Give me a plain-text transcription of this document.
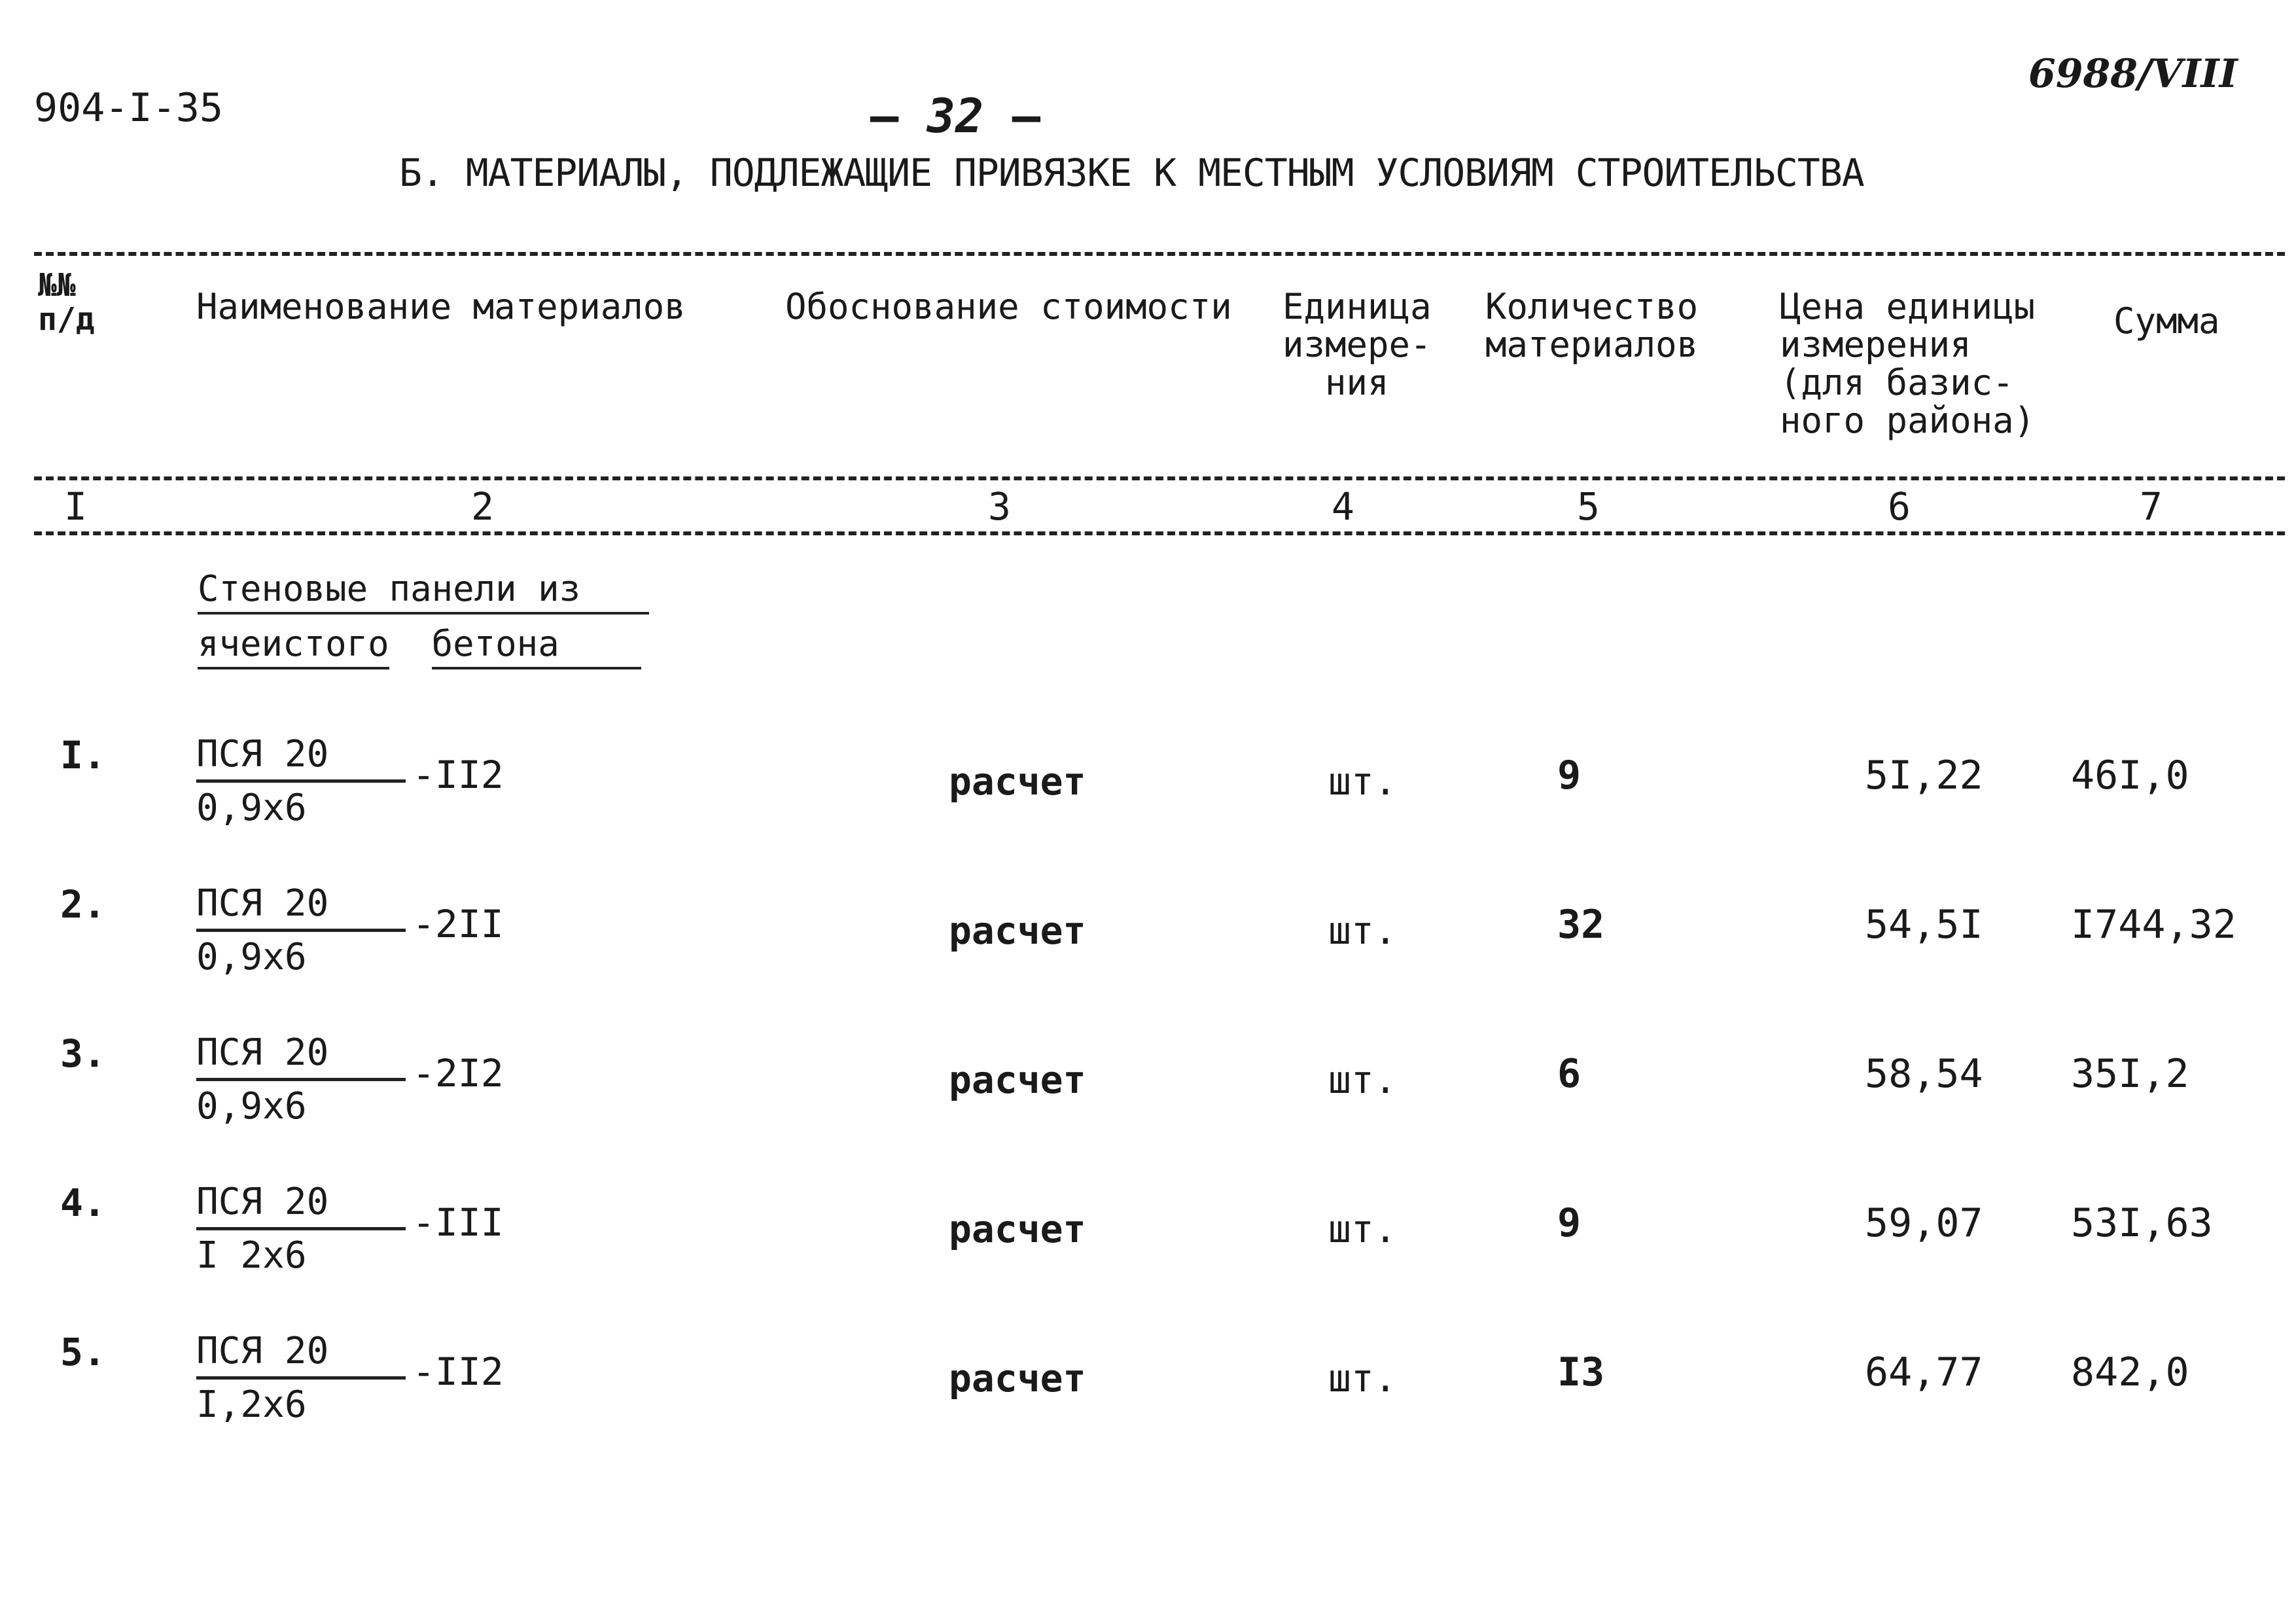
904-I-35
–	32 –
6988/VIII
Б. МАТЕРИАЛЫ, ПОДЛЕЖАЩИЕ ПРИВЯЗКЕ К МЕСТНЫМ УСЛОВИЯМ СТРОИТЕЛЬСТВА
№№
п/д	Наименование материалов	Обоснование стоимости Единица
измере-
ния
Количество
материалов
Цена единицы
измерения
(для базис-
ного района)
Сумма
I	2	3	4	5	6	7
Стеновые панели из
ячеистого бетона
I. ПСЯ 20
0,9х6
-II2	расчет	шт.	9	5I,22 46I,0
2. ПСЯ 20
0,9х6
-2II	расчет	шт.	32	54,5I I744,32
3. ПСЯ 20
0,9х6
-2I2	расчет	шт.	6	58,54 35I,2
4. ПСЯ 20
I 2х6
-III	расчет	шт.	9	59,07 53I,63
5. ПСЯ 20
I,2х6
-II2	расчет	шт.	I3	64,77 842,0
